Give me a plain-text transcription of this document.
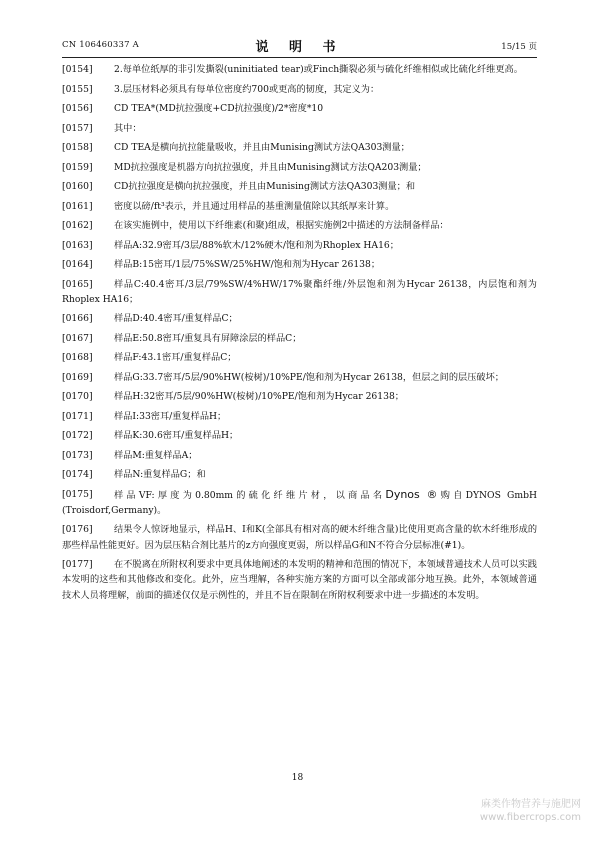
CN 106460337 A	说 明 书	15/15 页
[0154]	2.每单位纸厚的非引发撕裂(uninitiated tear)或Finch撕裂必须与硫化纤维相似或比硫化纤维更高。
[0155]	3.层压材料必须具有每单位密度约700或更高的韧度，其定义为：
[0156]	CD TEA*(MD抗拉强度+CD抗拉强度)/2*密度*10
[0157]	其中：
[0158]	CD TEA是横向抗拉能量吸收，并且由Munising测试方法QA303测量；
[0159]	MD抗拉强度是机器方向抗拉强度，并且由Munising测试方法QA203测量；
[0160]	CD抗拉强度是横向抗拉强度，并且由Munising测试方法QA303测量；和
[0161]	密度以磅/ft³表示，并且通过用样品的基重测量值除以其纸厚来计算。
[0162]	在该实施例中，使用以下纤维素(和聚)组成，根据实施例2中描述的方法制备样品：
[0163]	样品A:32.9密耳/3层/88%软木/12%硬木/饱和剂为Rhoplex HA16；
[0164]	样品B:15密耳/1层/75%SW/25%HW/饱和剂为Hycar 26138；
[0165]	样品C:40.4密耳/3层/79%SW/4%HW/17%聚酯纤维/外层饱和剂为Hycar 26138，内层饱和剂为Rhoplex HA16；
[0166]	样品D:40.4密耳/重复样品C；
[0167]	样品E:50.8密耳/重复具有屏障涂层的样品C；
[0168]	样品F:43.1密耳/重复样品C；
[0169]	样品G:33.7密耳/5层/90%HW(桉树)/10%PE/饱和剂为Hycar 26138，但层之间的层压破坏；
[0170]	样品H:32密耳/5层/90%HW(桉树)/10%PE/饱和剂为Hycar 26138；
[0171]	样品I:33密耳/重复样品H；
[0172]	样品K:30.6密耳/重复样品H；
[0173]	样品M:重复样品A；
[0174]	样品N:重复样品G；和
[0175]	样品VF:厚度为0.80mm的硫化纤维片材，以商品名Dynos ®购自DYNOS GmbH (Troisdorf,Germany)。
[0176]	结果令人惊讶地显示，样品H、I和K(全部具有相对高的硬木纤维含量)比使用更高含量的软木纤维形成的那些样品性能更好。因为层压粘合剂比基片的z方向强度更弱，所以样品G和N不符合分层标准(#1)。
[0177]	在不脱离在所附权利要求中更具体地阐述的本发明的精神和范围的情况下，本领域普通技术人员可以实践本发明的这些和其他修改和变化。此外，应当理解，各种实施方案的方面可以全部或部分地互换。此外，本领域普通技术人员将理解，前面的描述仅仅是示例性的，并且不旨在限制在所附权利要求中进一步描述的本发明。
18
麻类作物营养与施肥网
www.fibercrops.com
